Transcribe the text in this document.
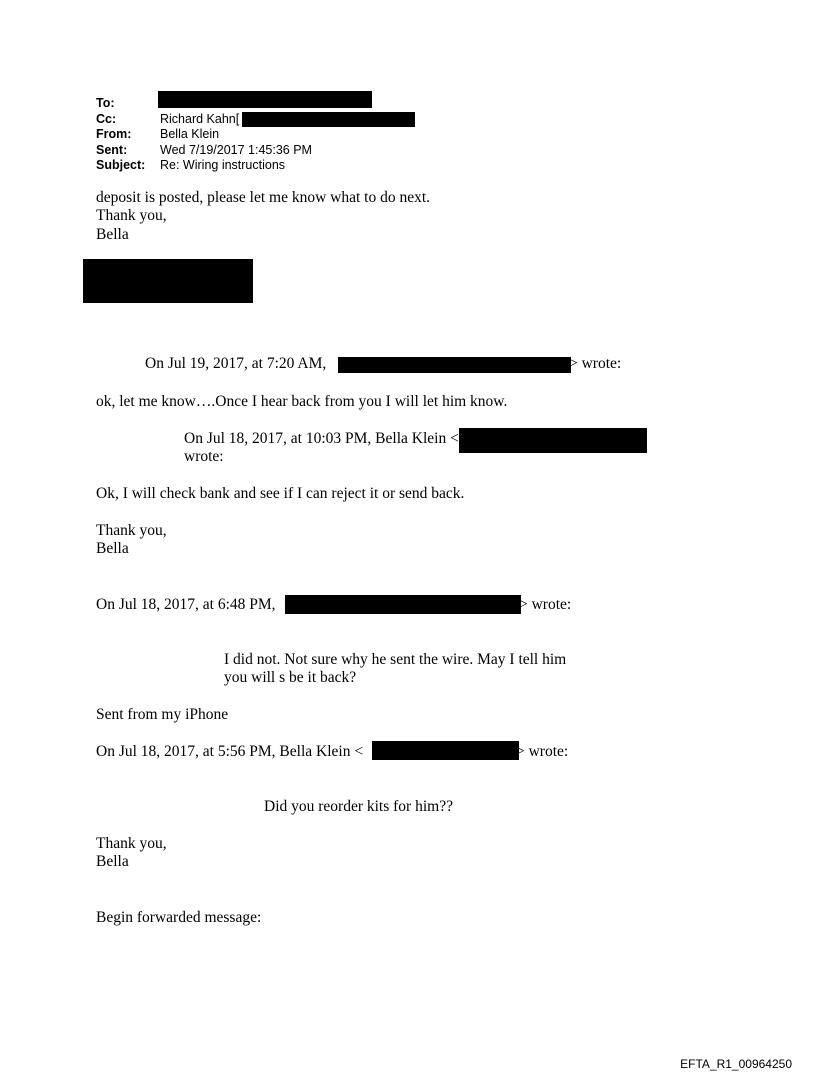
To:
Cc:	Richard Kahn[
From:	Bella Klein
Sent:	Wed 7/19/2017 1:45:36 PM
Subject:	Re: Wiring instructions
deposit is posted, please let me know what to do next.
Thank you,
Bella
On Jul 19, 2017, at 7:20 AM,	> wrote:
ok, let me know….Once I hear back from you I will let him know.
On Jul 18, 2017, at 10:03 PM, Bella Klein <
wrote:
Ok, I will check bank and see if I can reject it or send back.
Thank you,
Bella
On Jul 18, 2017, at 6:48 PM,	> wrote:
I did not. Not sure why he sent the wire. May I tell him
you will s be it back?
Sent from my iPhone
On Jul 18, 2017, at 5:56 PM, Bella Klein <	> wrote:
Did you reorder kits for him??
Thank you,
Bella
Begin forwarded message:
EFTA_R1_00964250
